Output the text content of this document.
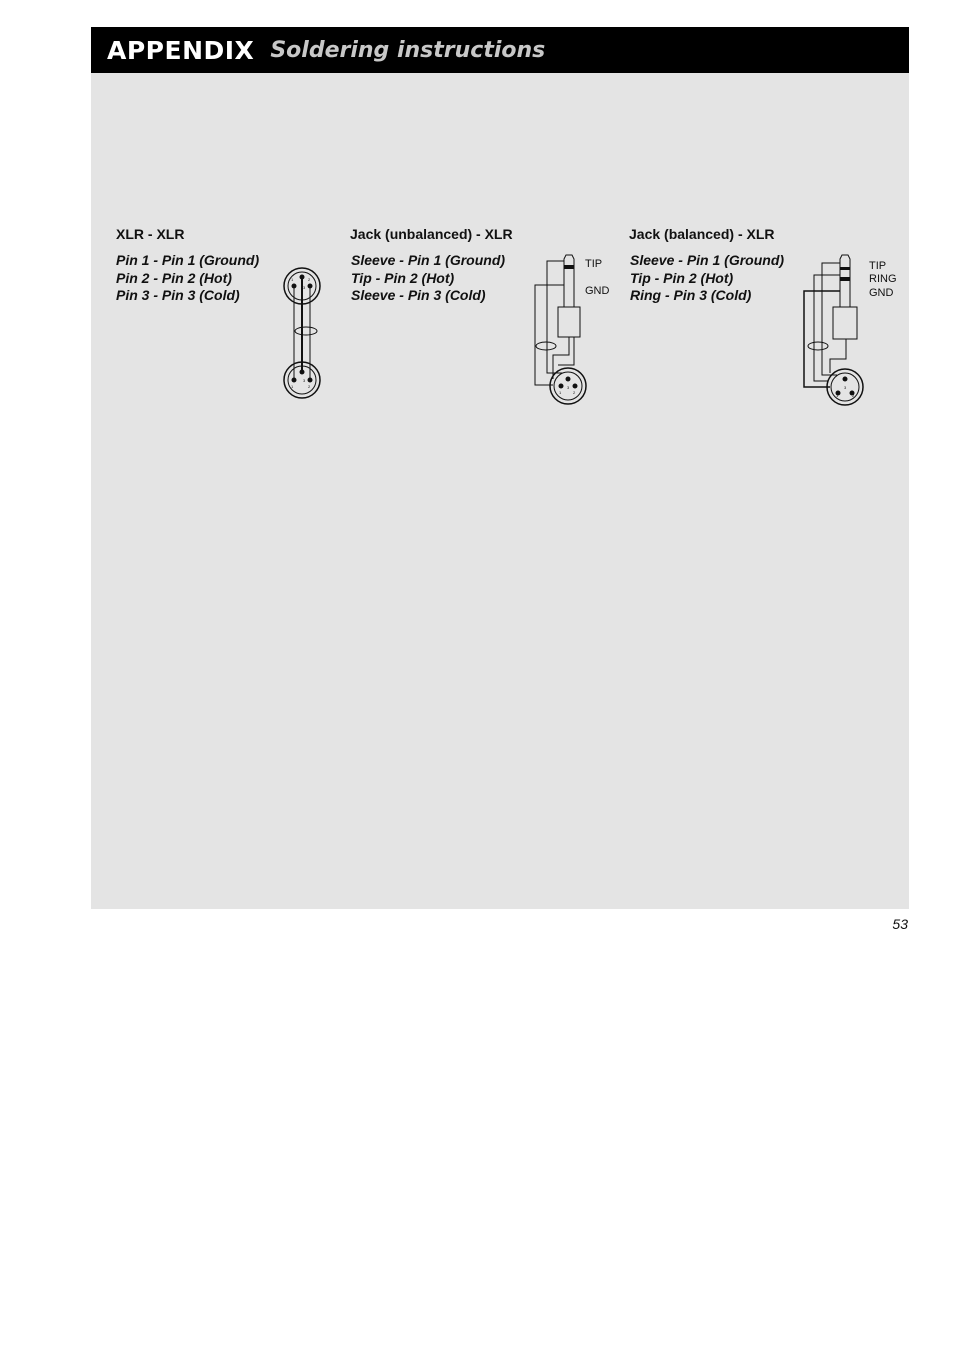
APPENDIX Soldering instructions
XLR - XLR
Pin 1 - Pin 1 (Ground)
Pin 2 - Pin 2 (Hot)
Pin 3 - Pin 3 (Cold)
1	2
3
1	2
3
Jack (unbalanced) - XLR
Sleeve - Pin 1 (Ground)
Tip - Pin 2 (Hot)
Sleeve - Pin 3 (Cold)
TIP
GND
1	2
3
Jack (balanced) - XLR
Sleeve - Pin 1 (Ground)
Tip - Pin 2 (Hot)
Ring - Pin 3 (Cold)
TIP
RING
GND
1	2
3
53
